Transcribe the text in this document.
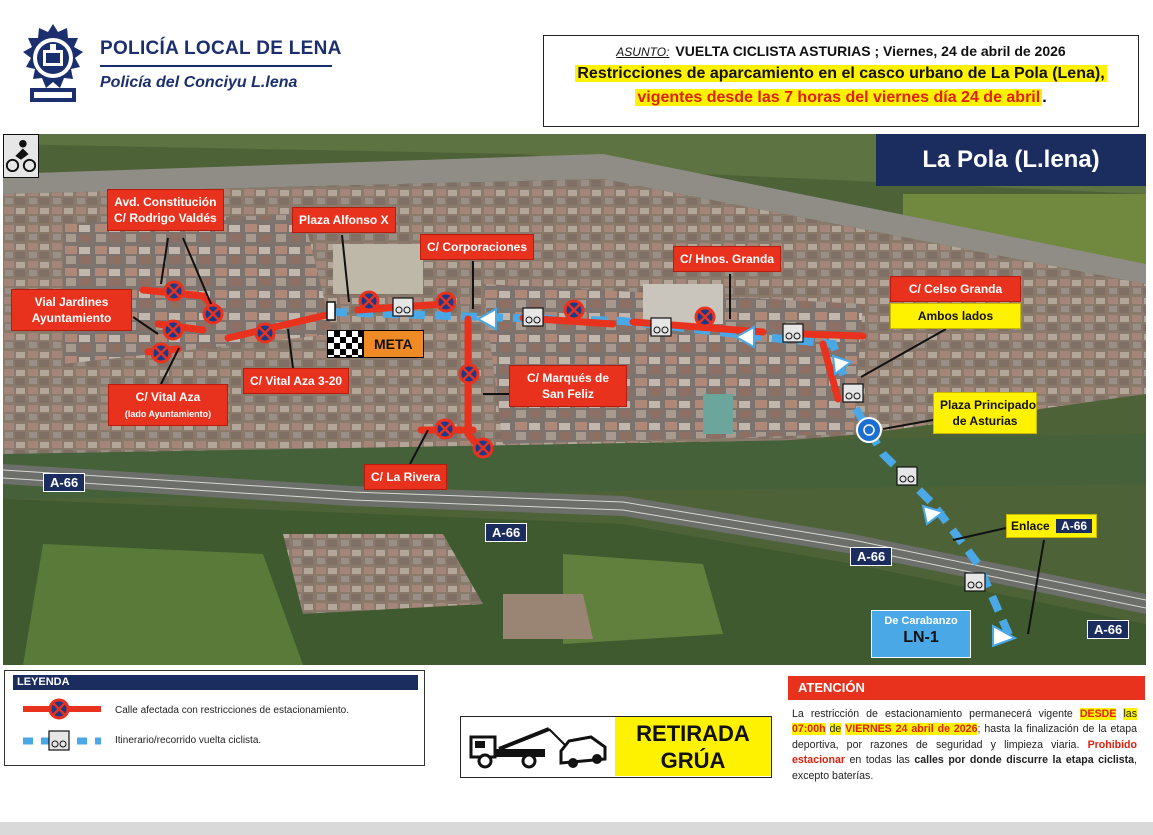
POLICÍA LOCAL DE LENA
Policía del Conciyu L.lena
ASUNTO: VUELTA CICLISTA ASTURIAS ; Viernes, 24 de abril de 2026
Restricciones de aparcamiento en el casco urbano de La Pola (Lena),
vigentes desde las 7 horas del viernes día 24 de abril .
La Pola (L.lena)
Avd. Constitución
C/ Rodrigo Valdés	Plaza Alfonso X
C/ Corporaciones
C/ Hnos. Granda
C/ Celso Granda
Ambos lados
Vial Jardines
Ayuntamiento
C/ Vital Aza 3-20	C/ Marqués de
San Feliz
C/ Vital Aza
(lado Ayuntamiento)
C/ La Rivera
Plaza Principado
de Asturias
Enlace A-66
META
A-66
A-66
A-66
A-66
De Carabanzo
LN-1
LEYENDA
Calle afectada con restricciones de estacionamiento.
Itinerario/recorrido vuelta ciclista.	RETIRADA
GRÚA
ATENCIÓN
La restricción de estacionamiento permanecerá vigente DESDE las 07:00h de VIERNES 24 abril de 2026; hasta la finalización de la etapa deportiva, por razones de seguridad y limpieza viaria. Prohibido estacionar en todas las calles por donde discurre la etapa ciclista, excepto baterías.
